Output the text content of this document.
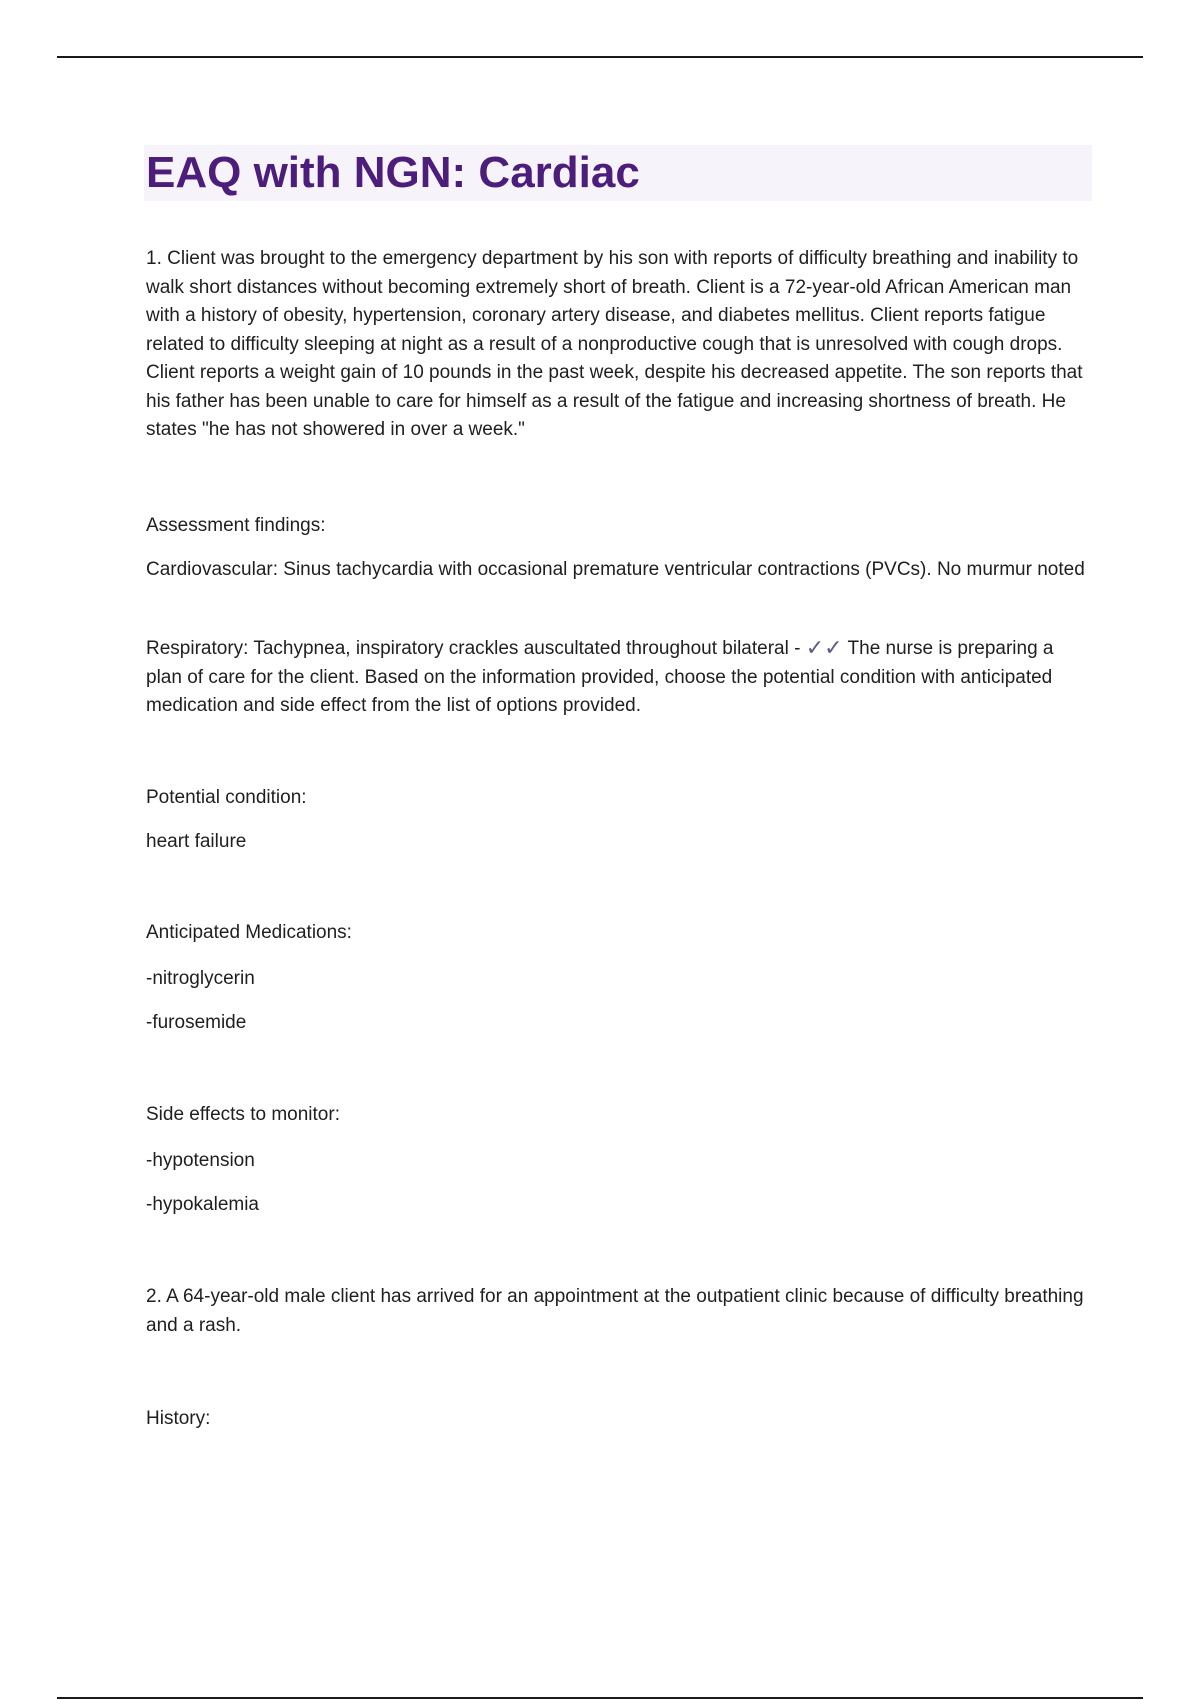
EAQ with NGN: Cardiac

1. Client was brought to the emergency department by his son with reports of difficulty breathing and inability to walk short distances without becoming extremely short of breath. Client is a 72-year-old African American man with a history of obesity, hypertension, coronary artery disease, and diabetes mellitus. Client reports fatigue related to difficulty sleeping at night as a result of a nonproductive cough that is unresolved with cough drops. Client reports a weight gain of 10 pounds in the past week, despite his decreased appetite. The son reports that his father has been unable to care for himself as a result of the fatigue and increasing shortness of breath. He states "he has not showered in over a week."

Assessment findings:

Cardiovascular: Sinus tachycardia with occasional premature ventricular contractions (PVCs). No murmur noted

Respiratory: Tachypnea, inspiratory crackles auscultated throughout bilateral - ✓✓ The nurse is preparing a plan of care for the client. Based on the information provided, choose the potential condition with anticipated medication and side effect from the list of options provided.

Potential condition:

heart failure

Anticipated Medications:

-nitroglycerin

-furosemide

Side effects to monitor:

-hypotension

-hypokalemia

2. A 64-year-old male client has arrived for an appointment at the outpatient clinic because of difficulty breathing and a rash.

History:
